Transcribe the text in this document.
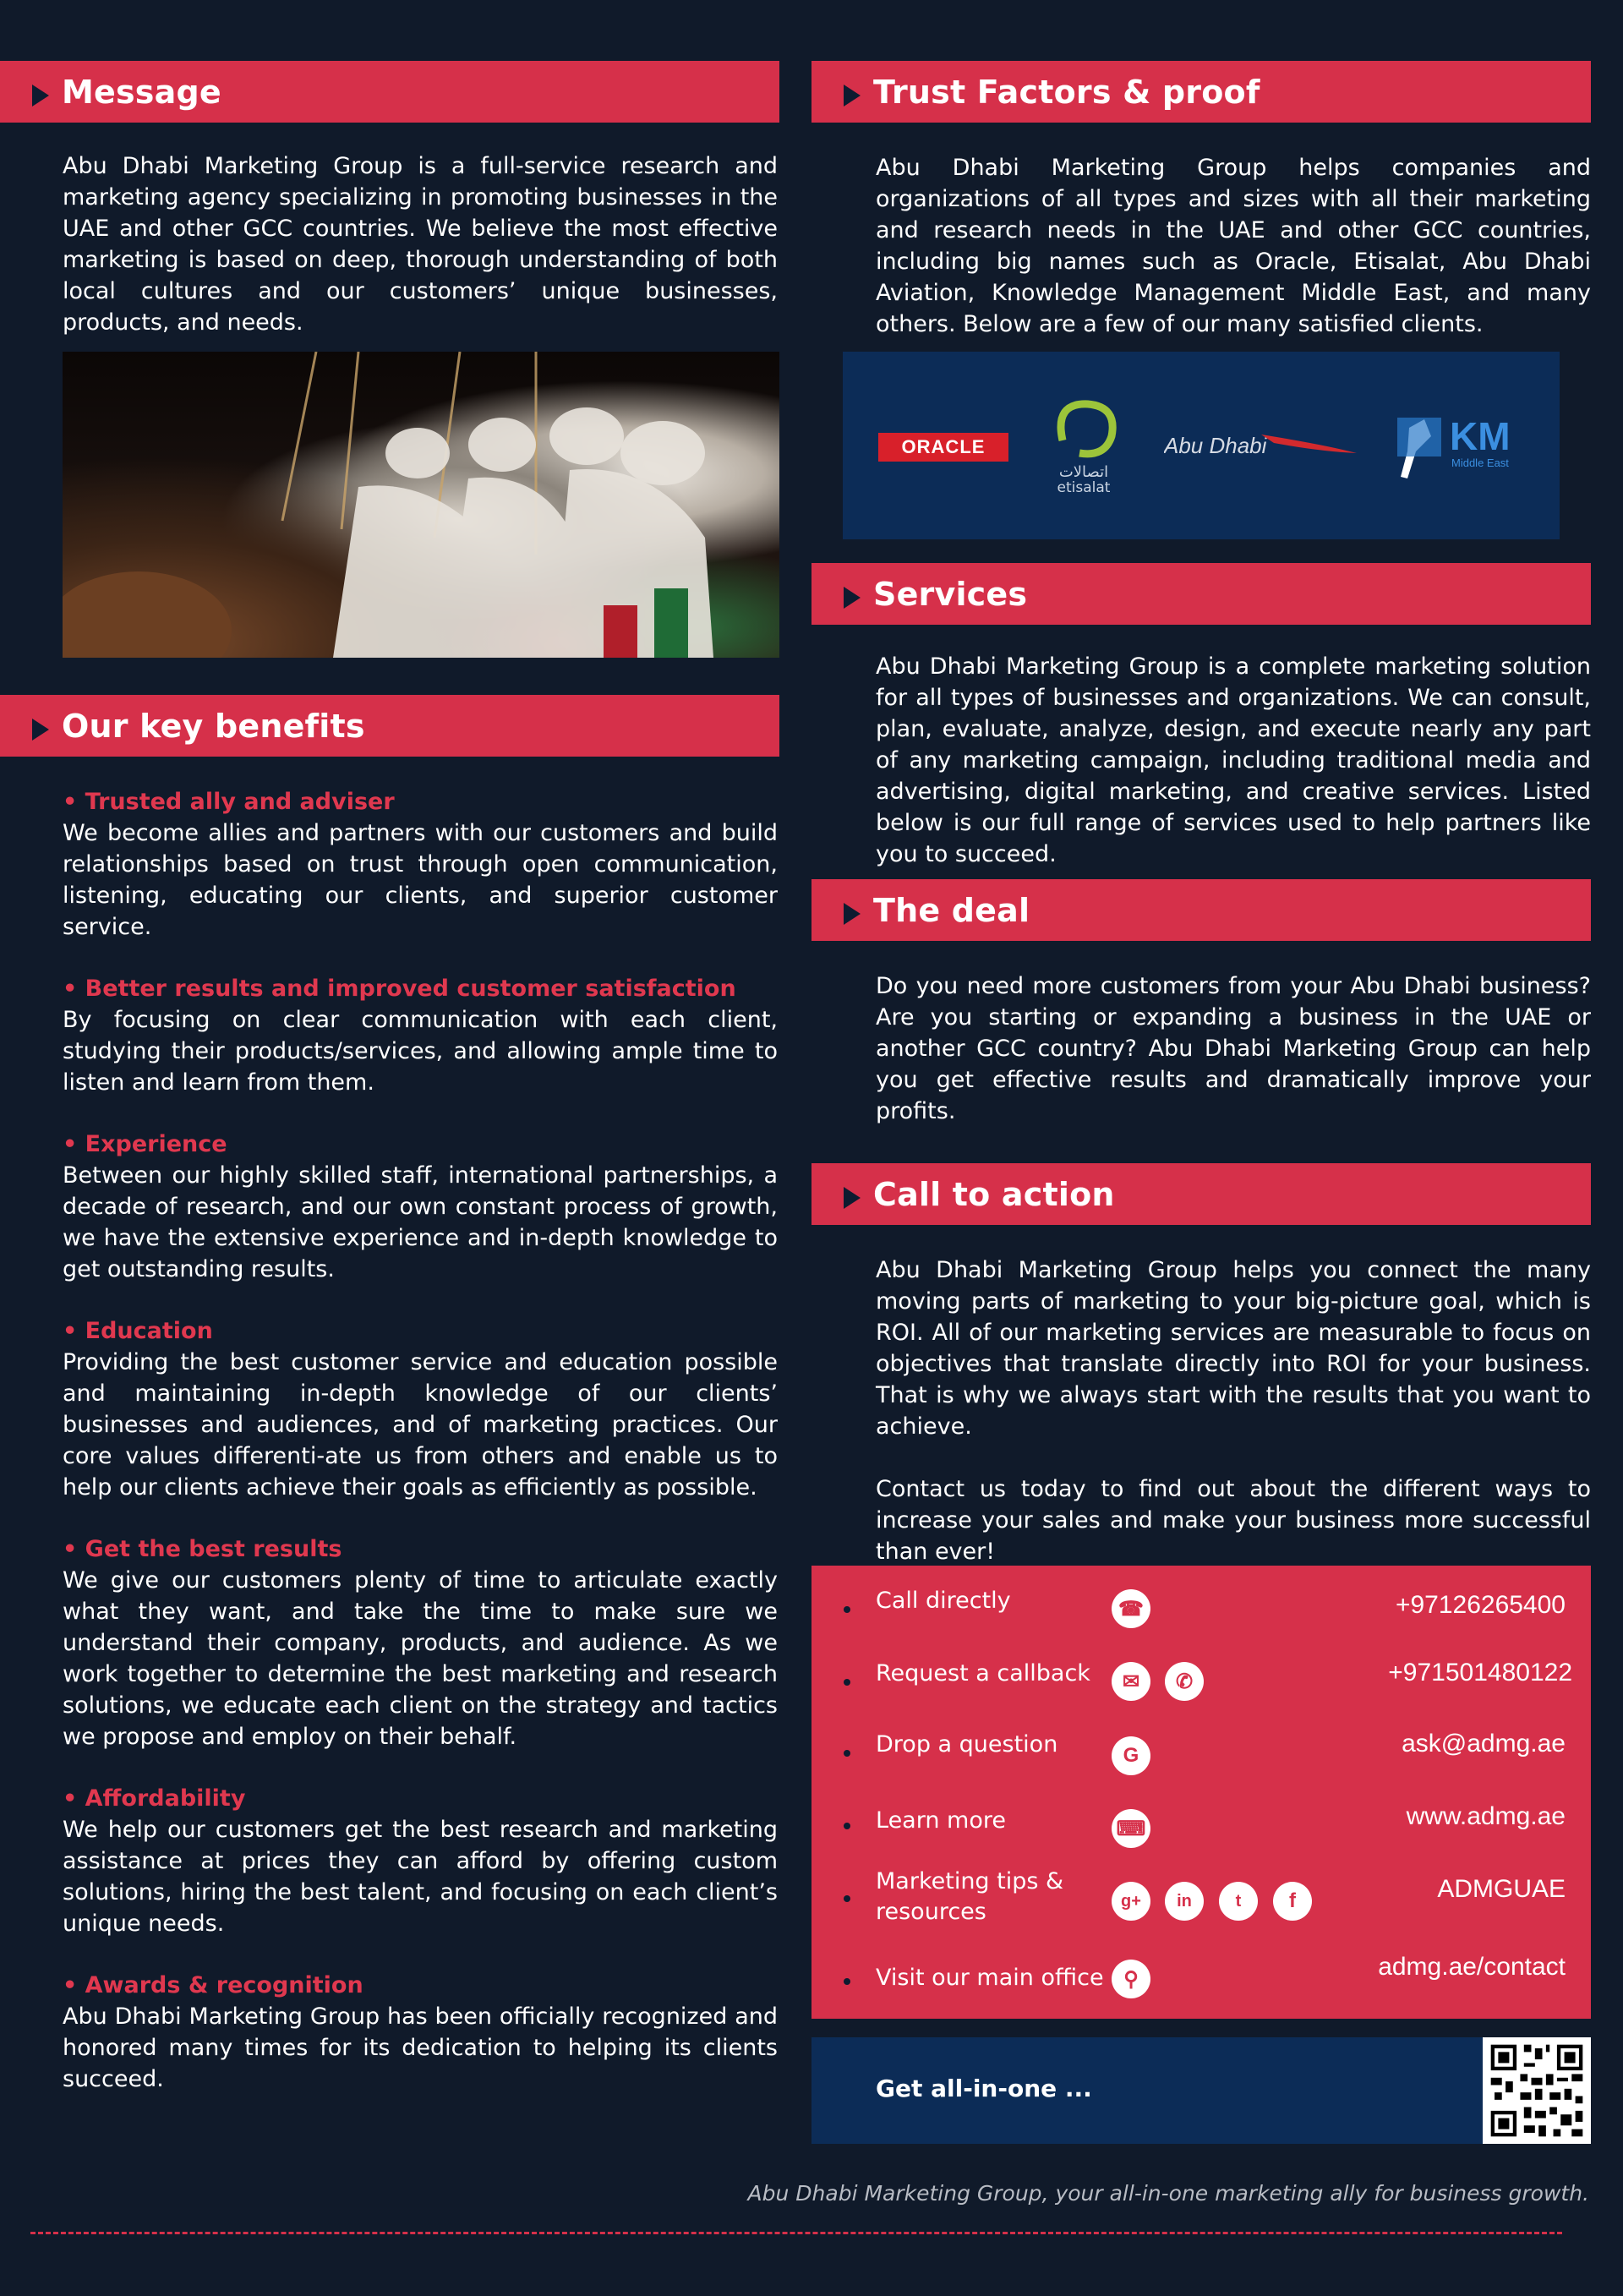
Message

Abu Dhabi Marketing Group is a full-service research and marketing agency specializing in promoting businesses in the UAE and other GCC countries. We believe the most effective marketing is based on deep, thorough understanding of both local cultures and our customers’ unique businesses, products, and needs.

Our key benefits
• Trusted ally and adviser

We become allies and partners with our customers and build relationships based on trust through open communication, listening, educating our clients, and superior customer service.

• Better results and improved customer satisfaction

By focusing on clear communication with each client, studying their products/services, and allowing ample time to listen and learn from them.

• Experience

Between our highly skilled staff, international partnerships, a decade of research, and our own constant process of growth, we have the extensive experience and in-depth knowledge to get outstanding results.

• Education

Providing the best customer service and education possible and maintaining in-depth knowledge of our clients’ businesses and audiences, and of marketing practices. Our core values differenti-ate us from others and enable us to help our clients achieve their goals as efficiently as possible.

• Get the best results

We give our customers plenty of time to articulate exactly what they want, and take the time to make sure we understand their company, products, and audience. As we work together to determine the best marketing and research solutions, we educate each client on the strategy and tactics we propose and employ on their behalf.

• Affordability

We help our customers get the best research and marketing assistance at prices they can afford by offering custom solutions, hiring the best talent, and focusing on each client’s unique needs.

• Awards & recognition

Abu Dhabi Marketing Group has been officially recognized and honored many times for its dedication to helping its clients succeed.

Trust Factors & proof

Abu Dhabi Marketing Group helps companies and organizations of all types and sizes with all their marketing and research needs in the UAE and other GCC countries, including big names such as Oracle, Etisalat, Abu Dhabi Aviation, Knowledge Management Middle East, and many others. Below are a few of our many satisfied clients.

ORACLE
اتصالات
etisalat
Abu Dhabi	KM
Middle East
Services

Abu Dhabi Marketing Group is a complete marketing solution for all types of businesses and organizations. We can consult, plan, evaluate, analyze, design, and execute nearly any part of any marketing campaign, including traditional media and advertising, digital marketing, and creative services. Listed below is our full range of services used to help partners like you to succeed.

The deal

Do you need more customers from your Abu Dhabi business? Are you starting or expanding a business in the UAE or another GCC country? Abu Dhabi Marketing Group can help you get effective results and dramatically improve your profits.

Call to action

Abu Dhabi Marketing Group helps you connect the many moving parts of marketing to your big-picture goal, which is ROI. All of our marketing services are measurable to focus on objectives that translate directly into ROI for your business. That is why we always start with the results that you want to achieve.

Contact us today to find out about the different ways to increase your sales and make your business more successful than ever!

Call directly	☎	+97126265400
Request a callback	✉	✆	+971501480122
Drop a question	G	ask@admg.ae
Learn more	⌨	www.admg.ae
Marketing tips & resources	g+	in	t	f	ADMGUAE
Visit our main office ⚲	admg.ae/contact
Get all-in-one ...
Abu Dhabi Marketing Group, your all-in-one marketing ally for business growth.
